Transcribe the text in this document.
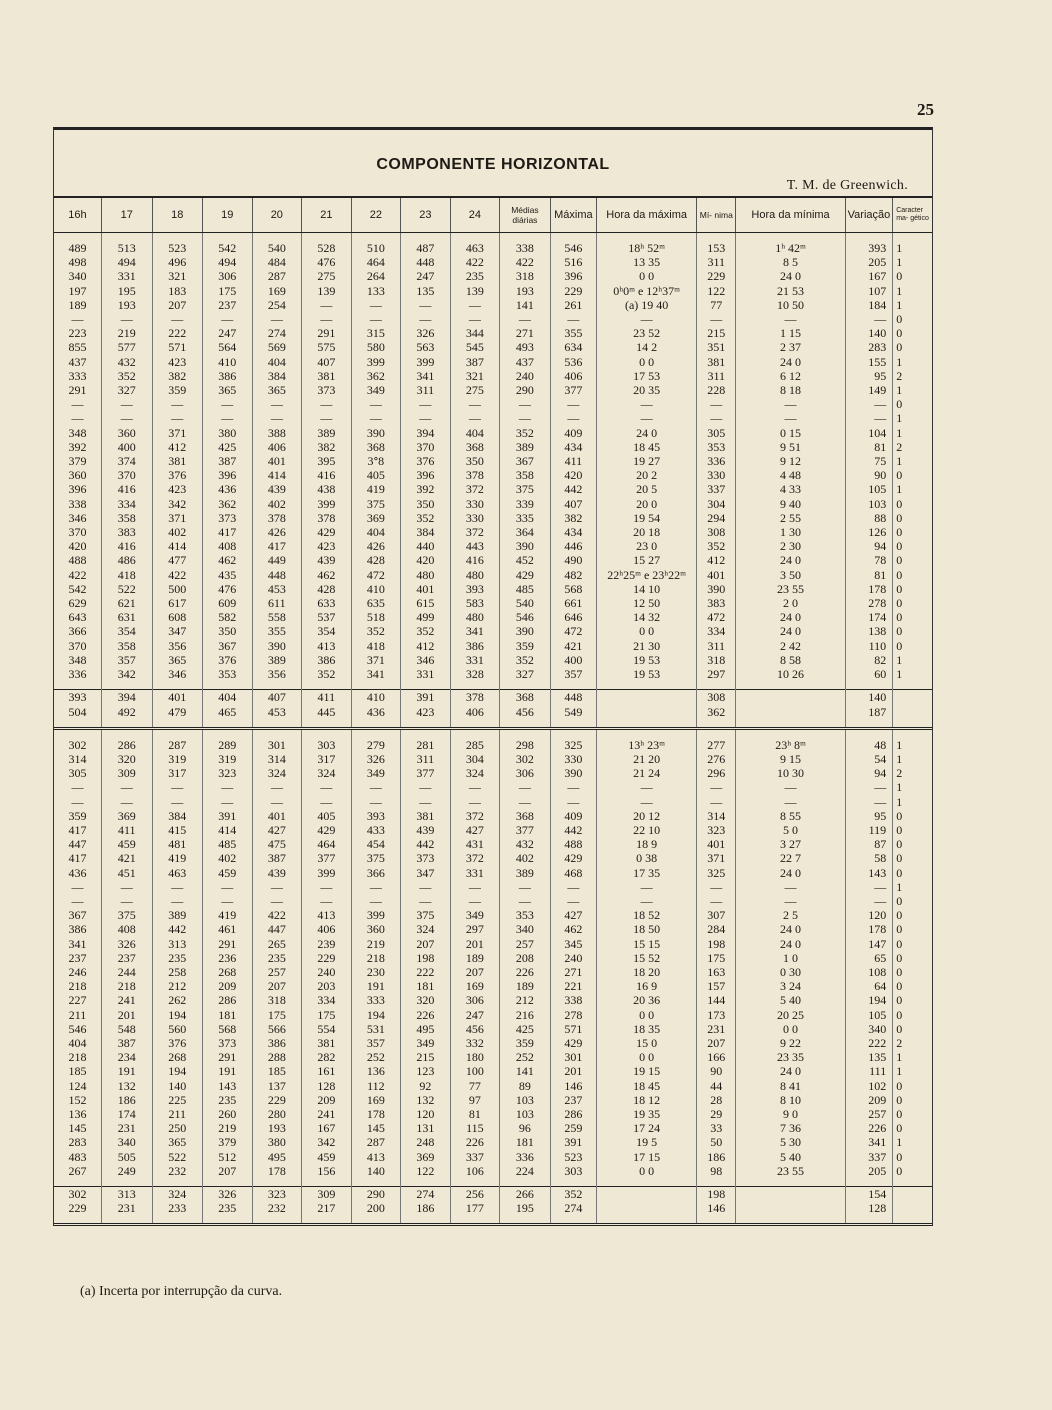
25
COMPONENTE HORIZONTAL
T. M. de Greenwich.
16h	17	18	19	20	21	22	23	24	Médias diárias	Máxima	Hora da máxima	Mí- nima	Hora da mínima	Variação	Caracter ma- gético

489	513	523	542	540	528	510	487	463	338	546	18ʰ 52ᵐ	153	1ʰ 42ᵐ	393	1
498	494	496	494	484	476	464	448	422	422	516	13 35	311	8 5	205	1
340	331	321	306	287	275	264	247	235	318	396	0 0	229	24 0	167	0
197	195	183	175	169	139	133	135	139	193	229	0ʰ0ᵐ e 12ʰ37ᵐ	122	21 53	107	1
189	193	207	237	254	—	—	—	—	141	261	(a) 19 40	77	10 50	184	1
—	—	—	—	—	—	—	—	—	—	—	—	—	—	—	0
223	219	222	247	274	291	315	326	344	271	355	23 52	215	1 15	140	0
855	577	571	564	569	575	580	563	545	493	634	14 2	351	2 37	283	0
437	432	423	410	404	407	399	399	387	437	536	0 0	381	24 0	155	1
333	352	382	386	384	381	362	341	321	240	406	17 53	311	6 12	95	2
291	327	359	365	365	373	349	311	275	290	377	20 35	228	8 18	149	1
—	—	—	—	—	—	—	—	—	—	—	—	—	—	—	0
—	—	—	—	—	—	—	—	—	—	—	—	—	—	—	1
348	360	371	380	388	389	390	394	404	352	409	24 0	305	0 15	104	1
392	400	412	425	406	382	368	370	368	389	434	18 45	353	9 51	81	2
379	374	381	387	401	395	3ᐤ8	376	350	367	411	19 27	336	9 12	75	1
360	370	376	396	414	416	405	396	378	358	420	20 2	330	4 48	90	0
396	416	423	436	439	438	419	392	372	375	442	20 5	337	4 33	105	1
338	334	342	362	402	399	375	350	330	339	407	20 0	304	9 40	103	0
346	358	371	373	378	378	369	352	330	335	382	19 54	294	2 55	88	0
370	383	402	417	426	429	404	384	372	364	434	20 18	308	1 30	126	0
420	416	414	408	417	423	426	440	443	390	446	23 0	352	2 30	94	0
488	486	477	462	449	439	428	420	416	452	490	15 27	412	24 0	78	0
422	418	422	435	448	462	472	480	480	429	482	22ʰ25ᵐ e 23ʰ22ᵐ	401	3 50	81	0
542	522	500	476	453	428	410	401	393	485	568	14 10	390	23 55	178	0
629	621	617	609	611	633	635	615	583	540	661	12 50	383	2 0	278	0
643	631	608	582	558	537	518	499	480	546	646	14 32	472	24 0	174	0
366	354	347	350	355	354	352	352	341	390	472	0 0	334	24 0	138	0
370	358	356	367	390	413	418	412	386	359	421	21 30	311	2 42	110	0
348	357	365	376	389	386	371	346	331	352	400	19 53	318	8 58	82	1
336	342	346	353	356	352	341	331	328	327	357	19 53	297	10 26	60	1

393	394	401	404	407	411	410	391	378	368	448		308		140	
504	492	479	465	453	445	436	423	406	456	549		362		187	

302	286	287	289	301	303	279	281	285	298	325	13ʰ 23ᵐ	277	23ʰ 8ᵐ	48	1
314	320	319	319	314	317	326	311	304	302	330	21 20	276	9 15	54	1
305	309	317	323	324	324	349	377	324	306	390	21 24	296	10 30	94	2
—	—	—	—	—	—	—	—	—	—	—	—	—	—	—	1
—	—	—	—	—	—	—	—	—	—	—	—	—	—	—	1
359	369	384	391	401	405	393	381	372	368	409	20 12	314	8 55	95	0
417	411	415	414	427	429	433	439	427	377	442	22 10	323	5 0	119	0
447	459	481	485	475	464	454	442	431	432	488	18 9	401	3 27	87	0
417	421	419	402	387	377	375	373	372	402	429	0 38	371	22 7	58	0
436	451	463	459	439	399	366	347	331	389	468	17 35	325	24 0	143	0
—	—	—	—	—	—	—	—	—	—	—	—	—	—	—	1
—	—	—	—	—	—	—	—	—	—	—	—	—	—	—	0
367	375	389	419	422	413	399	375	349	353	427	18 52	307	2 5	120	0
386	408	442	461	447	406	360	324	297	340	462	18 50	284	24 0	178	0
341	326	313	291	265	239	219	207	201	257	345	15 15	198	24 0	147	0
237	237	235	236	235	229	218	198	189	208	240	15 52	175	1 0	65	0
246	244	258	268	257	240	230	222	207	226	271	18 20	163	0 30	108	0
218	218	212	209	207	203	191	181	169	189	221	16 9	157	3 24	64	0
227	241	262	286	318	334	333	320	306	212	338	20 36	144	5 40	194	0
211	201	194	181	175	175	194	226	247	216	278	0 0	173	20 25	105	0
546	548	560	568	566	554	531	495	456	425	571	18 35	231	0 0	340	0
404	387	376	373	386	381	357	349	332	359	429	15 0	207	9 22	222	2
218	234	268	291	288	282	252	215	180	252	301	0 0	166	23 35	135	1
185	191	194	191	185	161	136	123	100	141	201	19 15	90	24 0	111	1
124	132	140	143	137	128	112	92	77	89	146	18 45	44	8 41	102	0
152	186	225	235	229	209	169	132	97	103	237	18 12	28	8 10	209	0
136	174	211	260	280	241	178	120	81	103	286	19 35	29	9 0	257	0
145	231	250	219	193	167	145	131	115	96	259	17 24	33	7 36	226	0
283	340	365	379	380	342	287	248	226	181	391	19 5	50	5 30	341	1
483	505	522	512	495	459	413	369	337	336	523	17 15	186	5 40	337	0
267	249	232	207	178	156	140	122	106	224	303	0 0	98	23 55	205	0

302	313	324	326	323	309	290	274	256	266	352		198		154	
229	231	233	235	232	217	200	186	177	195	274		146		128	

(a) Incerta por interrupção da curva.
